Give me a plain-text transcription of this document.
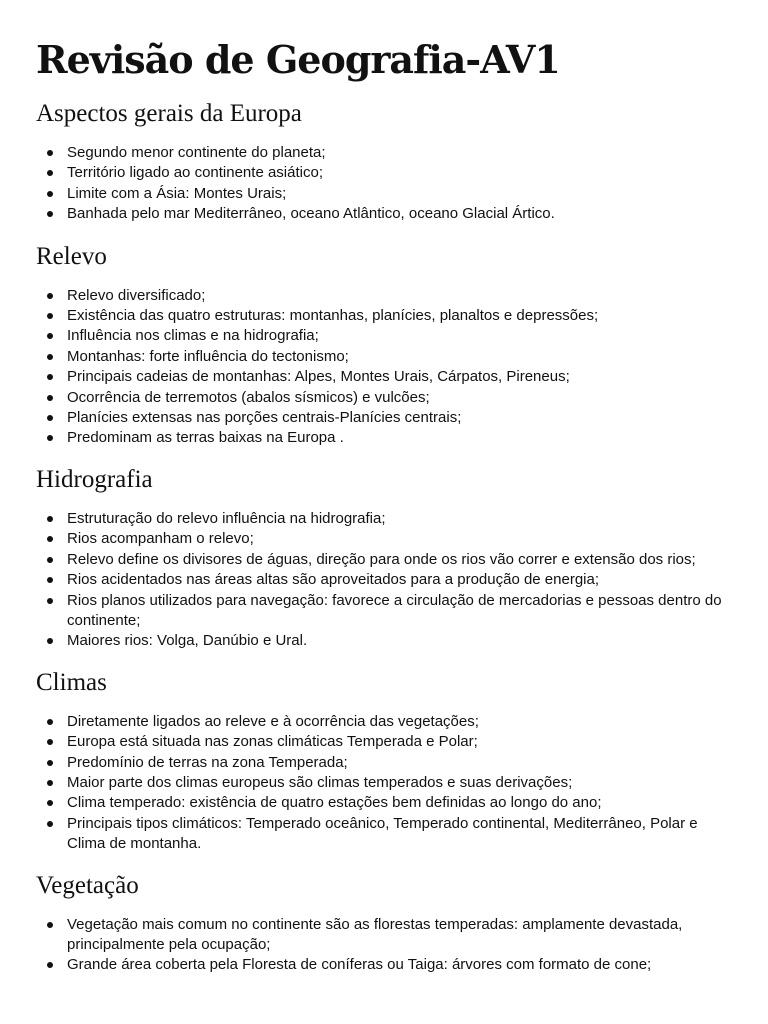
Revisão de Geografia-AV1
Aspectos gerais da Europa
Segundo menor continente do planeta;
Território ligado ao continente asiático;
Limite com a Ásia: Montes Urais;
Banhada pelo mar Mediterrâneo, oceano Atlântico, oceano Glacial Ártico.
Relevo
Relevo diversificado;
Existência das quatro estruturas: montanhas, planícies, planaltos e depressões;
Influência nos climas e na hidrografia;
Montanhas: forte influência do tectonismo;
Principais cadeias de montanhas: Alpes, Montes Urais, Cárpatos, Pireneus;
Ocorrência de terremotos (abalos sísmicos) e vulcões;
Planícies extensas nas porções centrais-Planícies centrais;
Predominam as terras baixas na Europa .
Hidrografia
Estruturação do relevo influência na hidrografia;
Rios acompanham o relevo;
Relevo define os divisores de águas, direção para onde os rios vão correr e extensão dos rios;
Rios acidentados nas áreas altas são aproveitados para a produção de energia;
Rios planos utilizados para navegação: favorece a circulação de mercadorias e pessoas dentro do continente;
Maiores rios: Volga, Danúbio e Ural.
Climas
Diretamente ligados ao releve e à ocorrência das vegetações;
Europa está situada nas zonas climáticas Temperada e Polar;
Predomínio de terras na zona Temperada;
Maior parte dos climas europeus são climas temperados e suas derivações;
Clima temperado: existência de quatro estações bem definidas ao longo do ano;
Principais tipos climáticos: Temperado oceânico, Temperado continental, Mediterrâneo, Polar e Clima de montanha.
Vegetação
Vegetação mais comum no continente são as florestas temperadas: amplamente devastada, principalmente pela ocupação;
Grande área coberta pela Floresta de coníferas ou Taiga: árvores com formato de cone;
